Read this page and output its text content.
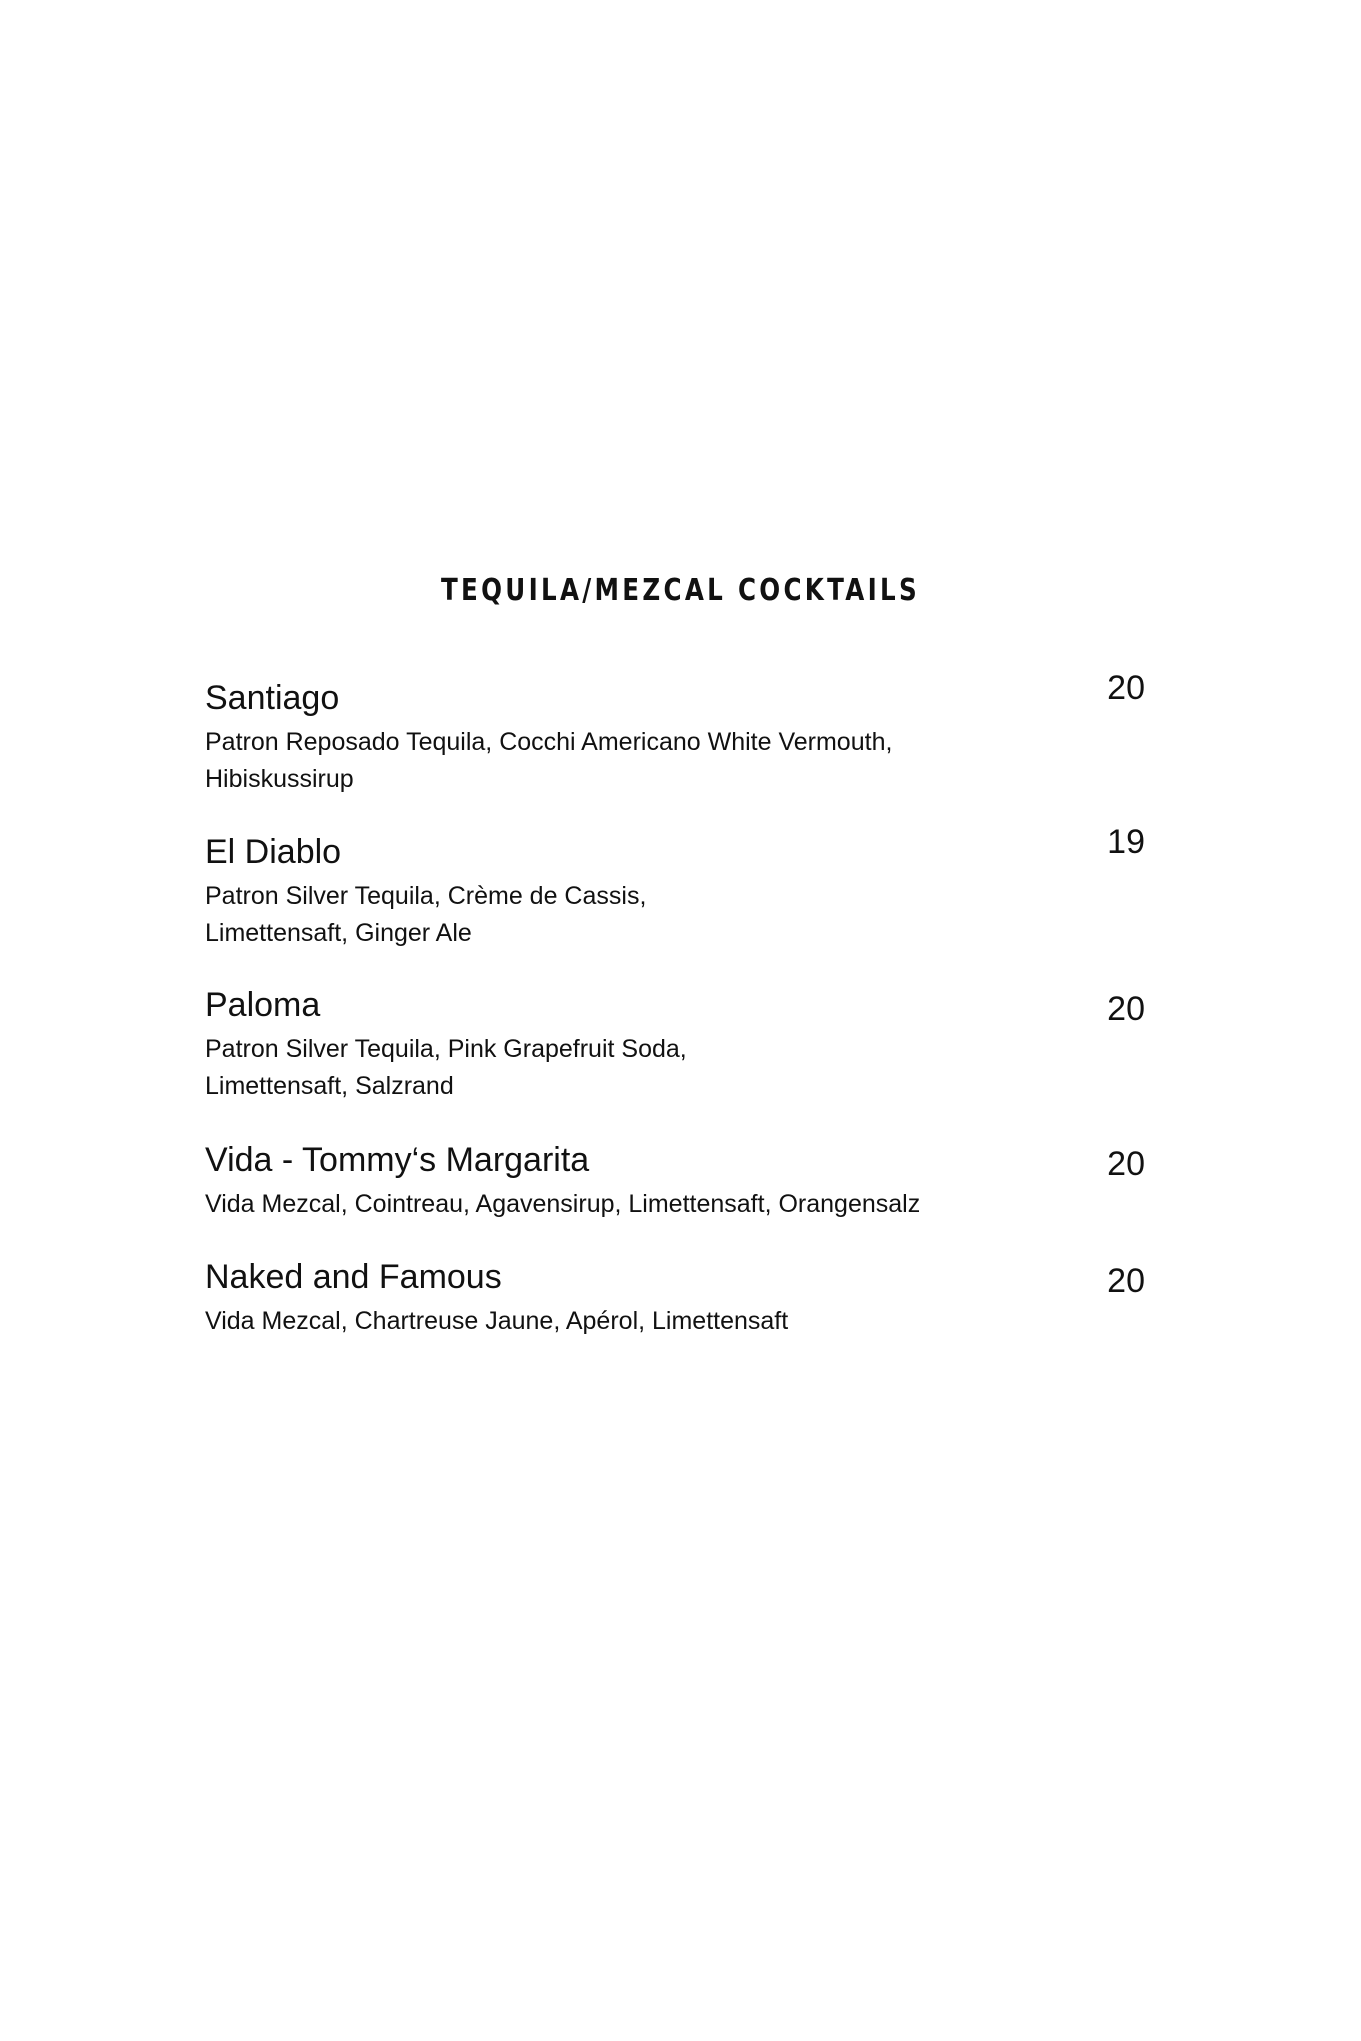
TEQUILA/MEZCAL COCKTAILS
Santiago	20
Patron Reposado Tequila, Cocchi Americano White Vermouth,
Hibiskussirup
El Diablo	19
Patron Silver Tequila, Crème de Cassis,
Limettensaft, Ginger Ale
Paloma	20
Patron Silver Tequila, Pink Grapefruit Soda,
Limettensaft, Salzrand
Vida - Tommy‘s Margarita	20
Vida Mezcal, Cointreau, Agavensirup, Limettensaft, Orangensalz
Naked and Famous	20
Vida Mezcal, Chartreuse Jaune, Apérol, Limettensaft
